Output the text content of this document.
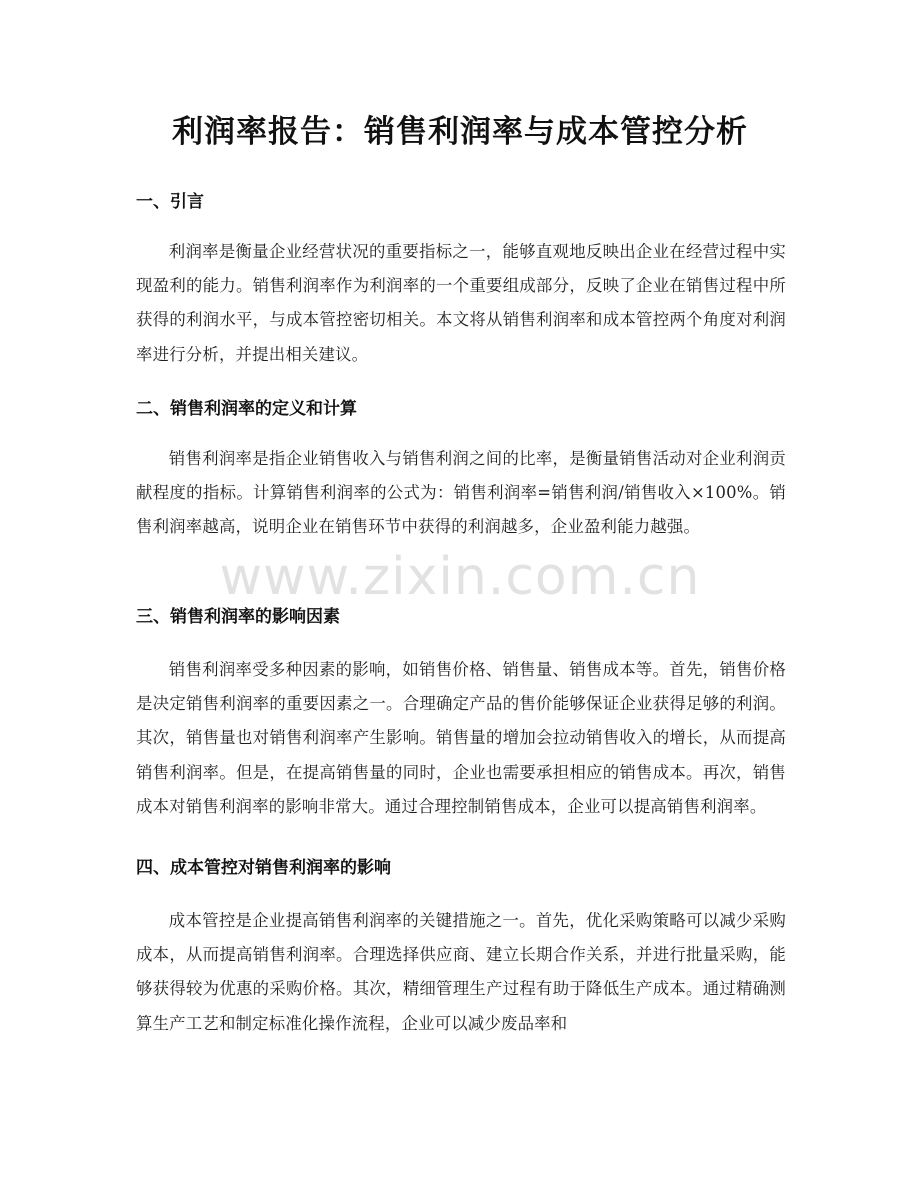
利润率报告：销售利润率与成本管控分析
一、引言

利润率是衡量企业经营状况的重要指标之一，能够直观地反映出企业在经营过程中实现盈利的能力。销售利润率作为利润率的一个重要组成部分，反映了企业在销售过程中所获得的利润水平，与成本管控密切相关。本文将从销售利润率和成本管控两个角度对利润率进行分析，并提出相关建议。

二、销售利润率的定义和计算

销售利润率是指企业销售收入与销售利润之间的比率，是衡量销售活动对企业利润贡献程度的指标。计算销售利润率的公式为：销售利润率=销售利润/销售收入×100%。销售利润率越高，说明企业在销售环节中获得的利润越多，企业盈利能力越强。

三、销售利润率的影响因素

销售利润率受多种因素的影响，如销售价格、销售量、销售成本等。首先，销售价格是决定销售利润率的重要因素之一。合理确定产品的售价能够保证企业获得足够的利润。其次，销售量也对销售利润率产生影响。销售量的增加会拉动销售收入的增长，从而提高销售利润率。但是，在提高销售量的同时，企业也需要承担相应的销售成本。再次，销售成本对销售利润率的影响非常大。通过合理控制销售成本，企业可以提高销售利润率。

四、成本管控对销售利润率的影响

成本管控是企业提高销售利润率的关键措施之一。首先，优化采购策略可以减少采购成本，从而提高销售利润率。合理选择供应商、建立长期合作关系，并进行批量采购，能够获得较为优惠的采购价格。其次，精细管理生产过程有助于降低生产成本。通过精确测算生产工艺和制定标准化操作流程，企业可以减少废品率和

www.zixin.com.cn
